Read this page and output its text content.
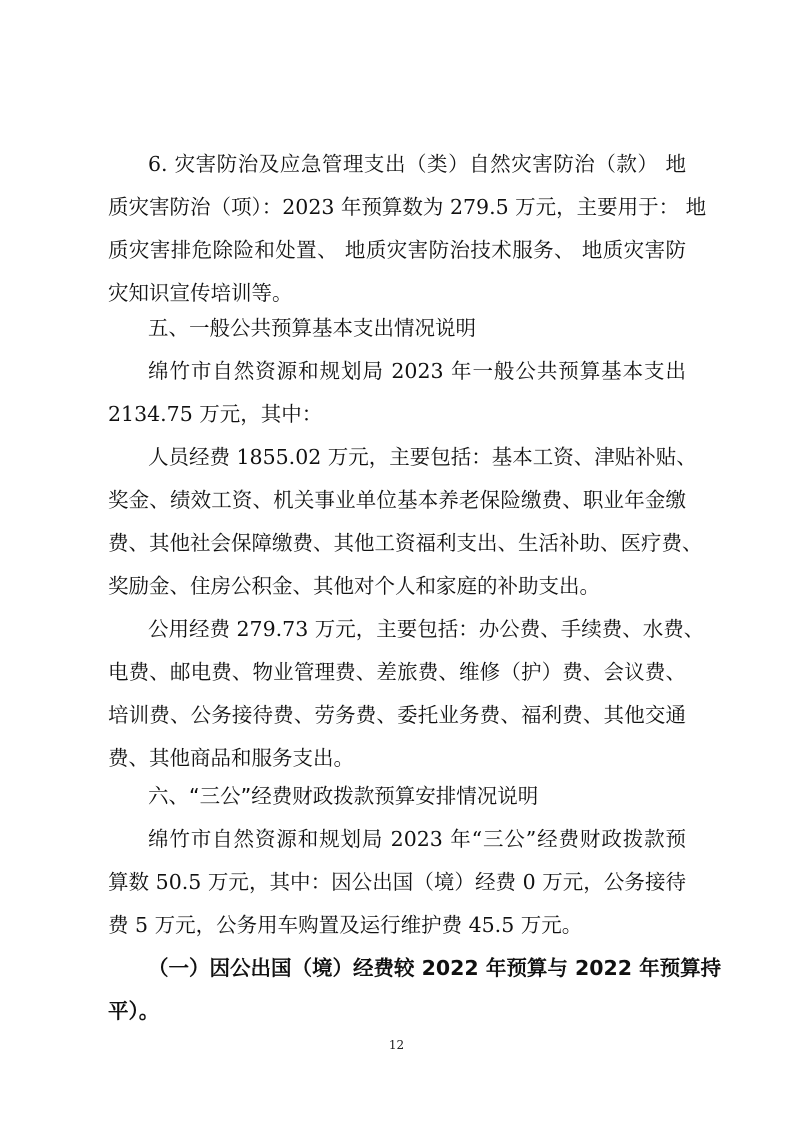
6. 灾害防治及应急管理支出（类）自然灾害防治（款） 地
质灾害防治（项）：2023 年预算数为 279.5 万元，主要用于： 地
质灾害排危除险和处置、 地质灾害防治技术服务、 地质灾害防
灾知识宣传培训等。
五、一般公共预算基本支出情况说明
绵竹市自然资源和规划局 2023 年一般公共预算基本支出
2134.75 万元，其中：
人员经费 1855.02 万元，主要包括：基本工资、津贴补贴、
奖金、绩效工资、机关事业单位基本养老保险缴费、职业年金缴
费、其他社会保障缴费、其他工资福利支出、生活补助、医疗费、
奖励金、住房公积金、其他对个人和家庭的补助支出。
公用经费 279.73 万元，主要包括：办公费、手续费、水费、
电费、邮电费、物业管理费、差旅费、维修（护）费、会议费、
培训费、公务接待费、劳务费、委托业务费、福利费、其他交通
费、其他商品和服务支出。
六、“三公”经费财政拨款预算安排情况说明
绵竹市自然资源和规划局 2023 年“三公”经费财政拨款预
算数 50.5 万元，其中：因公出国（境）经费 0 万元，公务接待
费 5 万元，公务用车购置及运行维护费 45.5 万元。
（一）因公出国（境）经费较 2022 年预算与 2022 年预算持
平）。
12
